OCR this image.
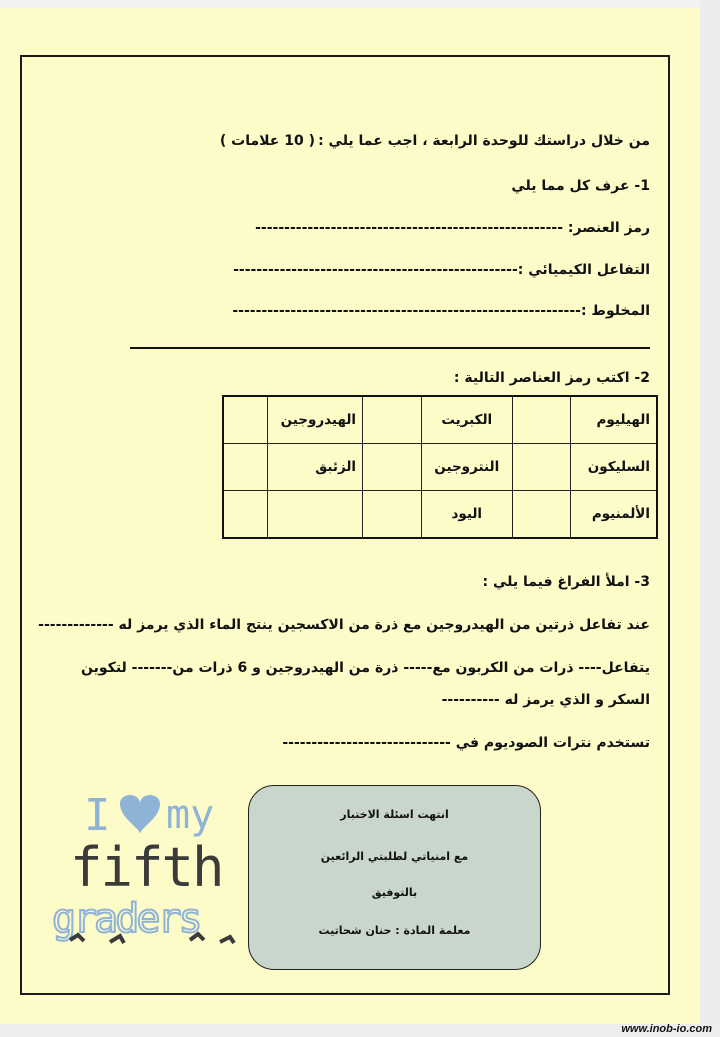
من خلال دراستك للوحدة الرابعة ، اجب عما يلي :
( 10 علامات )
1- عرف كل مما يلي
رمز العنصر: -----------------------------------------------------
التفاعل الكيميائي :-------------------------------------------------
المخلوط :------------------------------------------------------------
2- اكتب رمز العناصر التالية :
الهيليوم		الكبريت		الهيدروجين	
السليكون		النتروجين		الزئبق	
الألمنيوم		اليود			
3- املأ الفراغ فيما يلي :
عند تفاعل ذرتين من الهيدروجين مع ذرة من الاكسجين ينتج الماء الذي يرمز له -------------
يتفاعل---- ذرات من الكربون مع----- ذرة من الهيدروجين و 6 ذرات من------- لتكوين
السكر و الذي يرمز له ----------
تستخدم نترات الصوديوم في -----------------------------
I my
fifth
graders
انتهت اسئلة الاختبار
مع امنياتي لطلبتي الرائعين
بالتوفيق
معلمة المادة : حنان شحاتيت
www.inob-io.com
